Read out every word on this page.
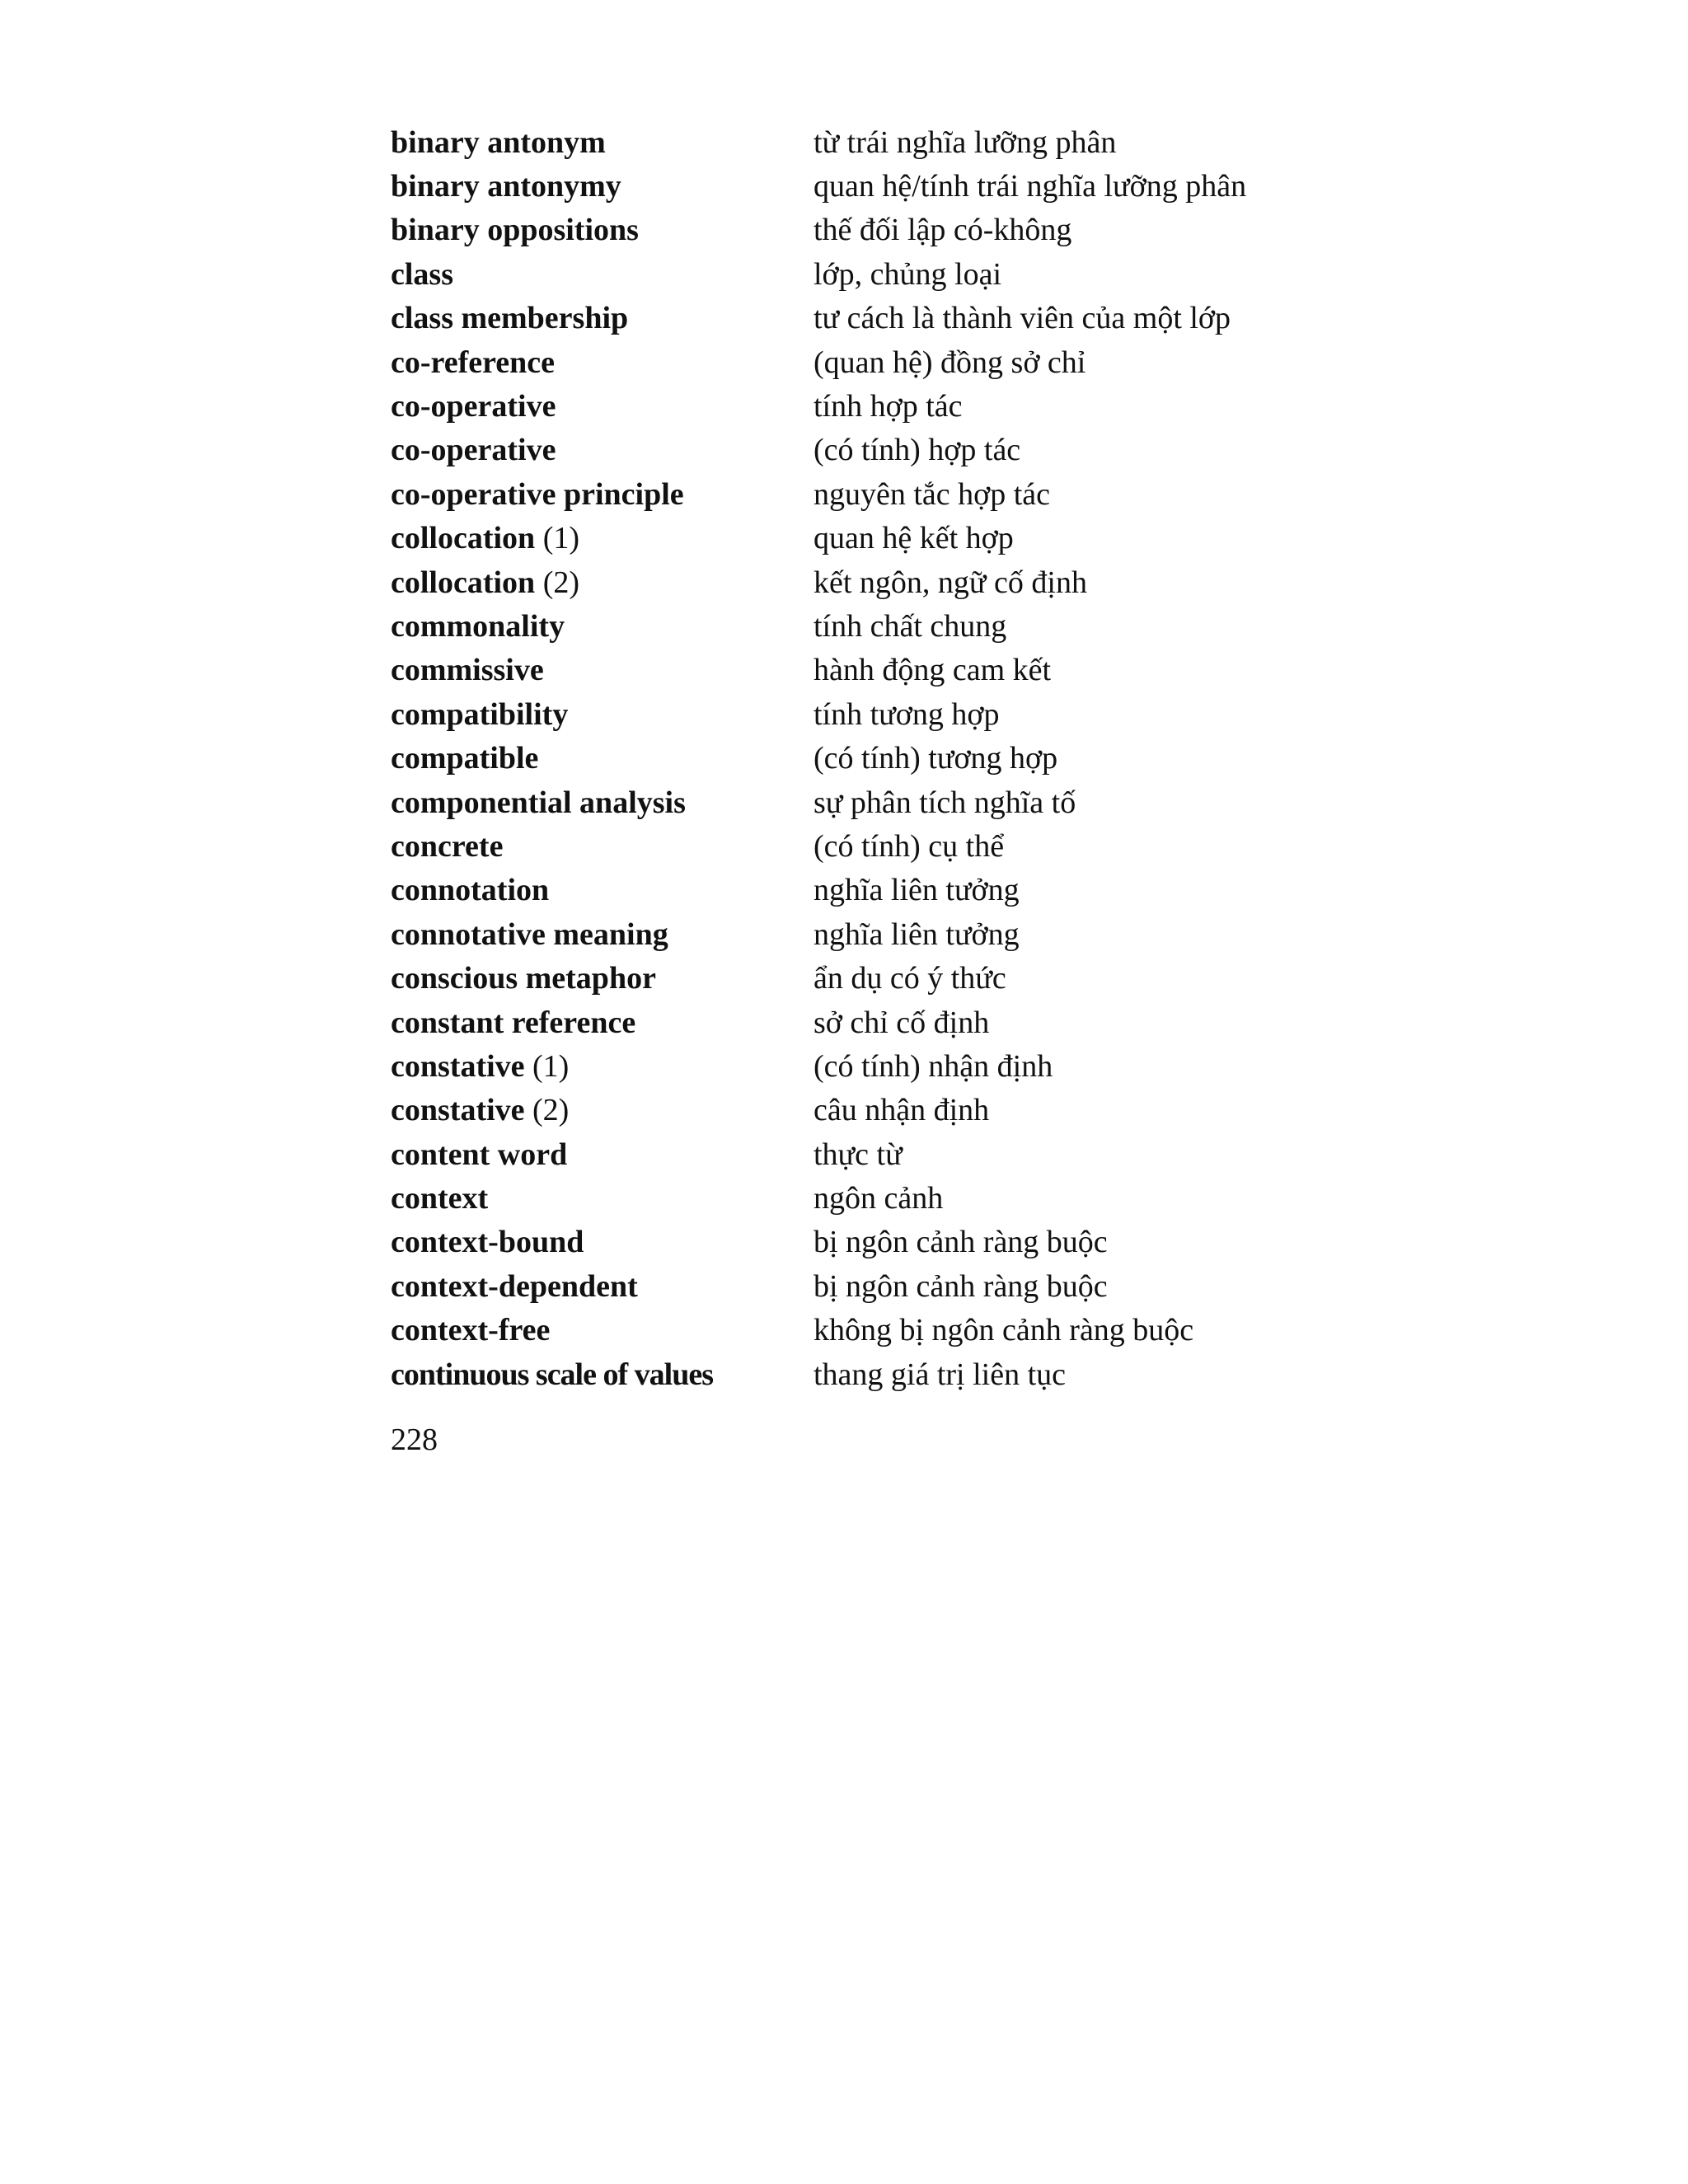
binary antonym	từ trái nghĩa lưỡng phân
binary antonymy	quan hệ/tính trái nghĩa lưỡng phân
binary oppositions	thế đối lập có-không
class	lớp, chủng loại
class membership	tư cách là thành viên của một lớp
co-reference	(quan hệ) đồng sở chỉ
co-operative	tính hợp tác
co-operative	(có tính) hợp tác
co-operative principle	nguyên tắc hợp tác
collocation (1)	quan hệ kết hợp
collocation (2)	kết ngôn, ngữ cố định
commonality	tính chất chung
commissive	hành động cam kết
compatibility	tính tương hợp
compatible	(có tính) tương hợp
componential analysis	sự phân tích nghĩa tố
concrete	(có tính) cụ thể
connotation	nghĩa liên tưởng
connotative meaning	nghĩa liên tưởng
conscious metaphor	ẩn dụ có ý thức
constant reference	sở chỉ cố định
constative (1)	(có tính) nhận định
constative (2)	câu nhận định
content word	thực từ
context	ngôn cảnh
context-bound	bị ngôn cảnh ràng buộc
context-dependent	bị ngôn cảnh ràng buộc
context-free	không bị ngôn cảnh ràng buộc
continuous scale of values	thang giá trị liên tục
228
